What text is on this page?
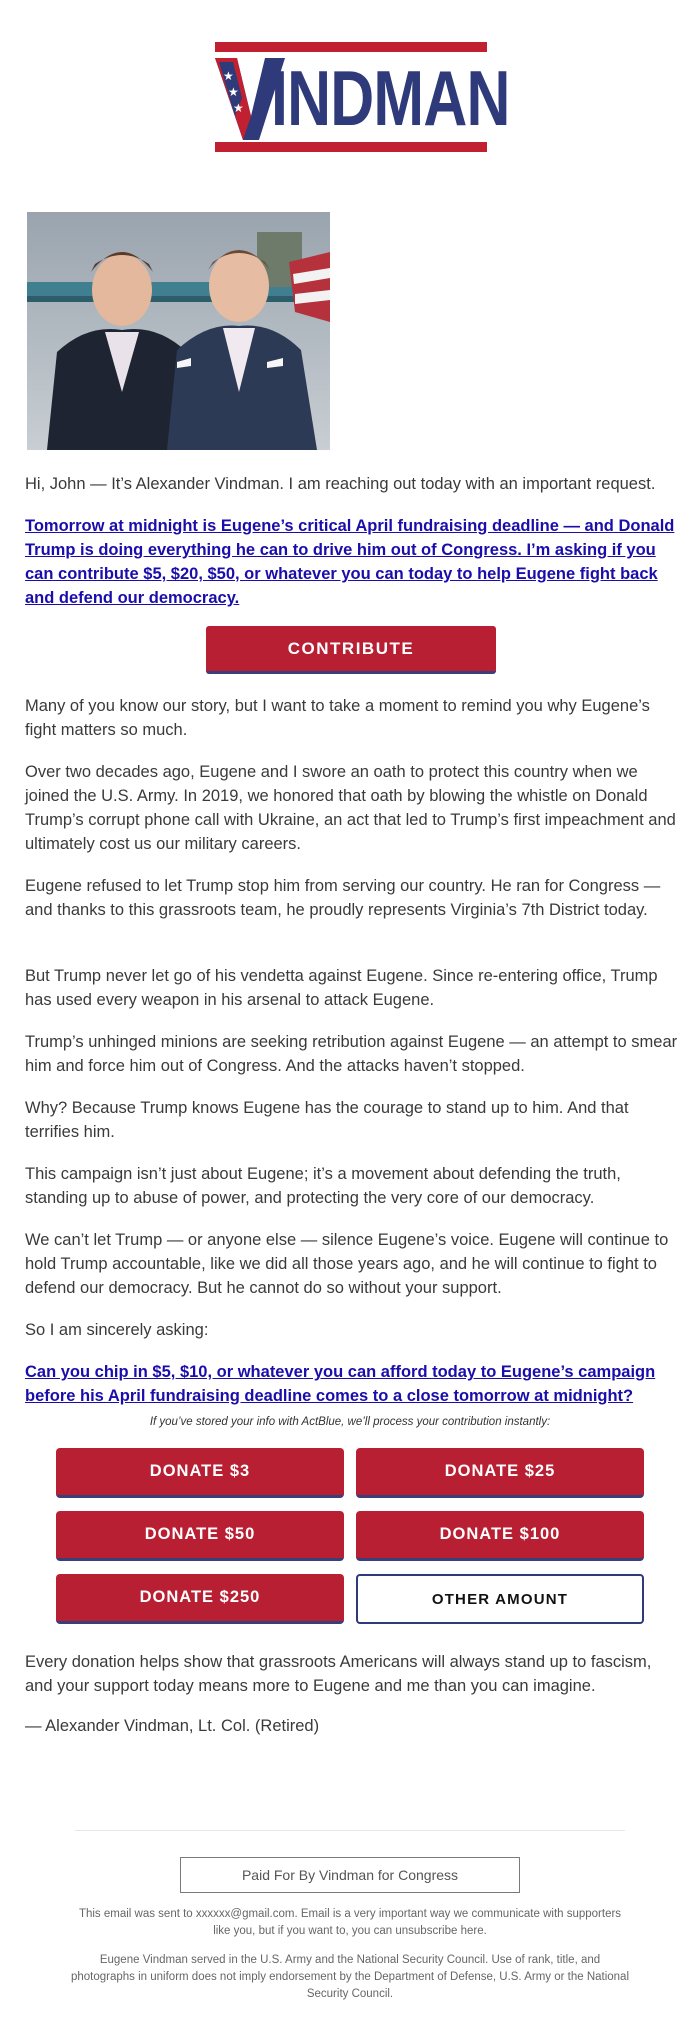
★
★
★ INDMAN
Hi, John — It’s Alexander Vindman. I am reaching out today with an important request.
Tomorrow at midnight is Eugene’s critical April fundraising deadline — and Donald Trump is doing everything he can to drive him out of Congress. I’m asking if you can contribute $5, $20, $50, or whatever you can today to help Eugene fight back and defend our democracy.
CONTRIBUTE
Many of you know our story, but I want to take a moment to remind you why Eugene’s fight matters so much.
Over two decades ago, Eugene and I swore an oath to protect this country when we joined the U.S. Army. In 2019, we honored that oath by blowing the whistle on Donald Trump’s corrupt phone call with Ukraine, an act that led to Trump’s first impeachment and ultimately cost us our military careers.
Eugene refused to let Trump stop him from serving our country. He ran for Congress — and thanks to this grassroots team, he proudly represents Virginia’s 7th District today.
But Trump never let go of his vendetta against Eugene. Since re-entering office, Trump has used every weapon in his arsenal to attack Eugene.
Trump’s unhinged minions are seeking retribution against Eugene — an attempt to smear him and force him out of Congress. And the attacks haven’t stopped.
Why? Because Trump knows Eugene has the courage to stand up to him. And that terrifies him.
This campaign isn’t just about Eugene; it’s a movement about defending the truth, standing up to abuse of power, and protecting the very core of our democracy.
We can’t let Trump — or anyone else — silence Eugene’s voice. Eugene will continue to hold Trump accountable, like we did all those years ago, and he will continue to fight to defend our democracy. But he cannot do so without your support.
So I am sincerely asking:
Can you chip in $5, $10, or whatever you can afford today to Eugene’s campaign before his April fundraising deadline comes to a close tomorrow at midnight?
If you’ve stored your info with ActBlue, we’ll process your contribution instantly:
DONATE $3	DONATE $25
DONATE $50	DONATE $100
DONATE $250	OTHER AMOUNT
Every donation helps show that grassroots Americans will always stand up to fascism, and your support today means more to Eugene and me than you can imagine.
— Alexander Vindman, Lt. Col. (Retired)
Paid For By Vindman for Congress
This email was sent to xxxxxx@gmail.com. Email is a very important way we communicate with supporters like you, but if you want to, you can unsubscribe here.
Eugene Vindman served in the U.S. Army and the National Security Council. Use of rank, title, and photographs in uniform does not imply endorsement by the Department of Defense, U.S. Army or the National Security Council.
